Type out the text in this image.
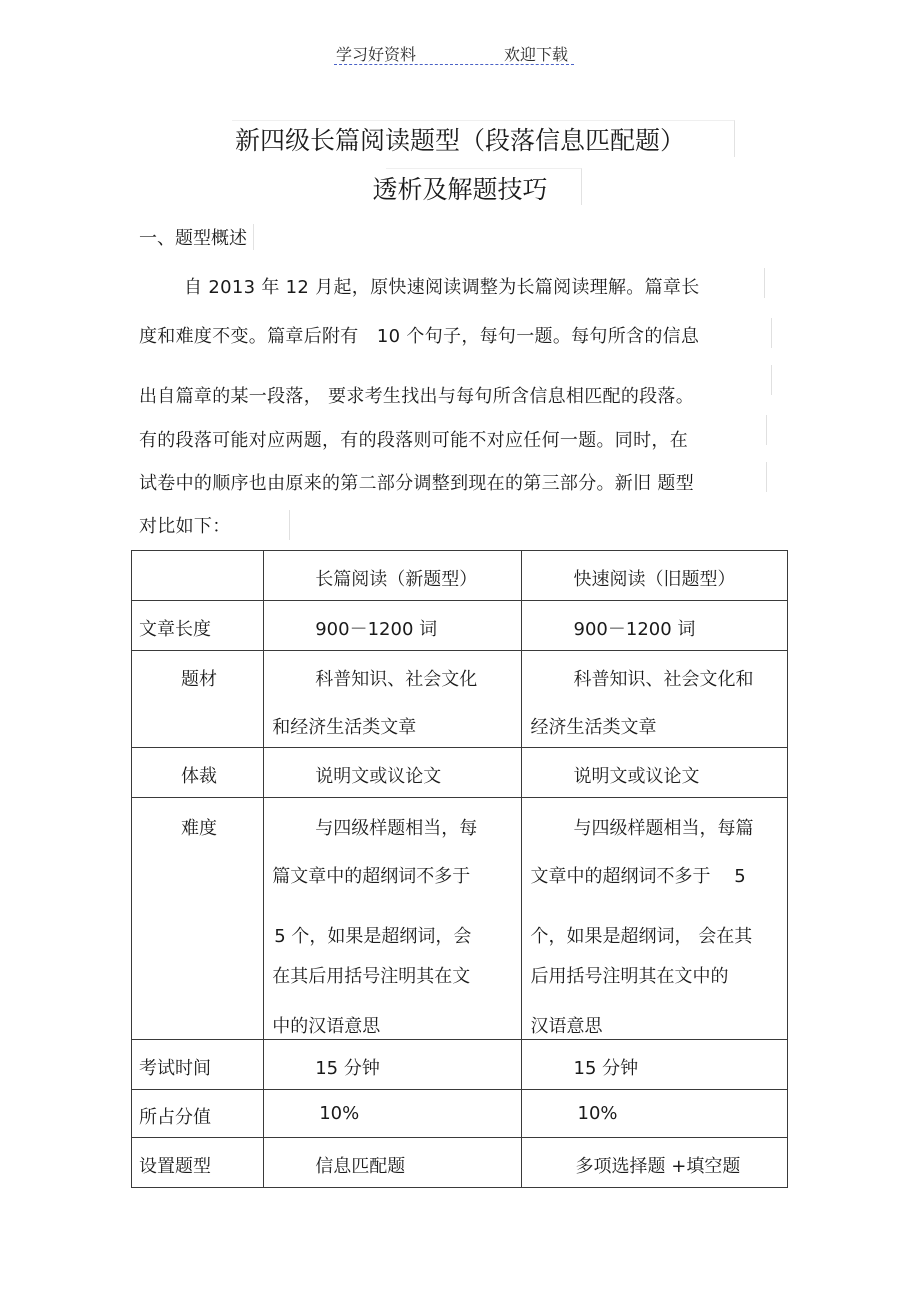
学习好资料	欢迎下载
新四级长篇阅读题型（段落信息匹配题）
透析及解题技巧
一、题型概述
自 2013 年 12 月起，原快速阅读调整为长篇阅读理解。篇章长
度和难度不变。篇章后附有　10 个句子，每句一题。每句所含的信息
出自篇章的某一段落， 要求考生找出与每句所含信息相匹配的段落。
有的段落可能对应两题，有的段落则可能不对应任何一题。同时，在
试卷中的顺序也由原来的第二部分调整到现在的第三部分。新旧 题型
对比如下：

	长篇阅读（新题型）	快速阅读（旧题型）

文章长度	900－1200 词	900－1200 词

题材	科普知识、社会文化
和经济生活类文章	科普知识、社会文化和
经济生活类文章

体裁	说明文或议论文	说明文或议论文

难度	与四级样题相当，每
篇文章中的超纲词不多于
5 个，如果是超纲词，会
在其后用括号注明其在文
中的汉语意思	与四级样题相当，每篇
文章中的超纲词不多于　 5
个，如果是超纲词， 会在其
后用括号注明其在文中的
汉语意思

考试时间	15 分钟	15 分钟

所占分值	10%	10%

设置题型	信息匹配题	多项选择题 +填空题
